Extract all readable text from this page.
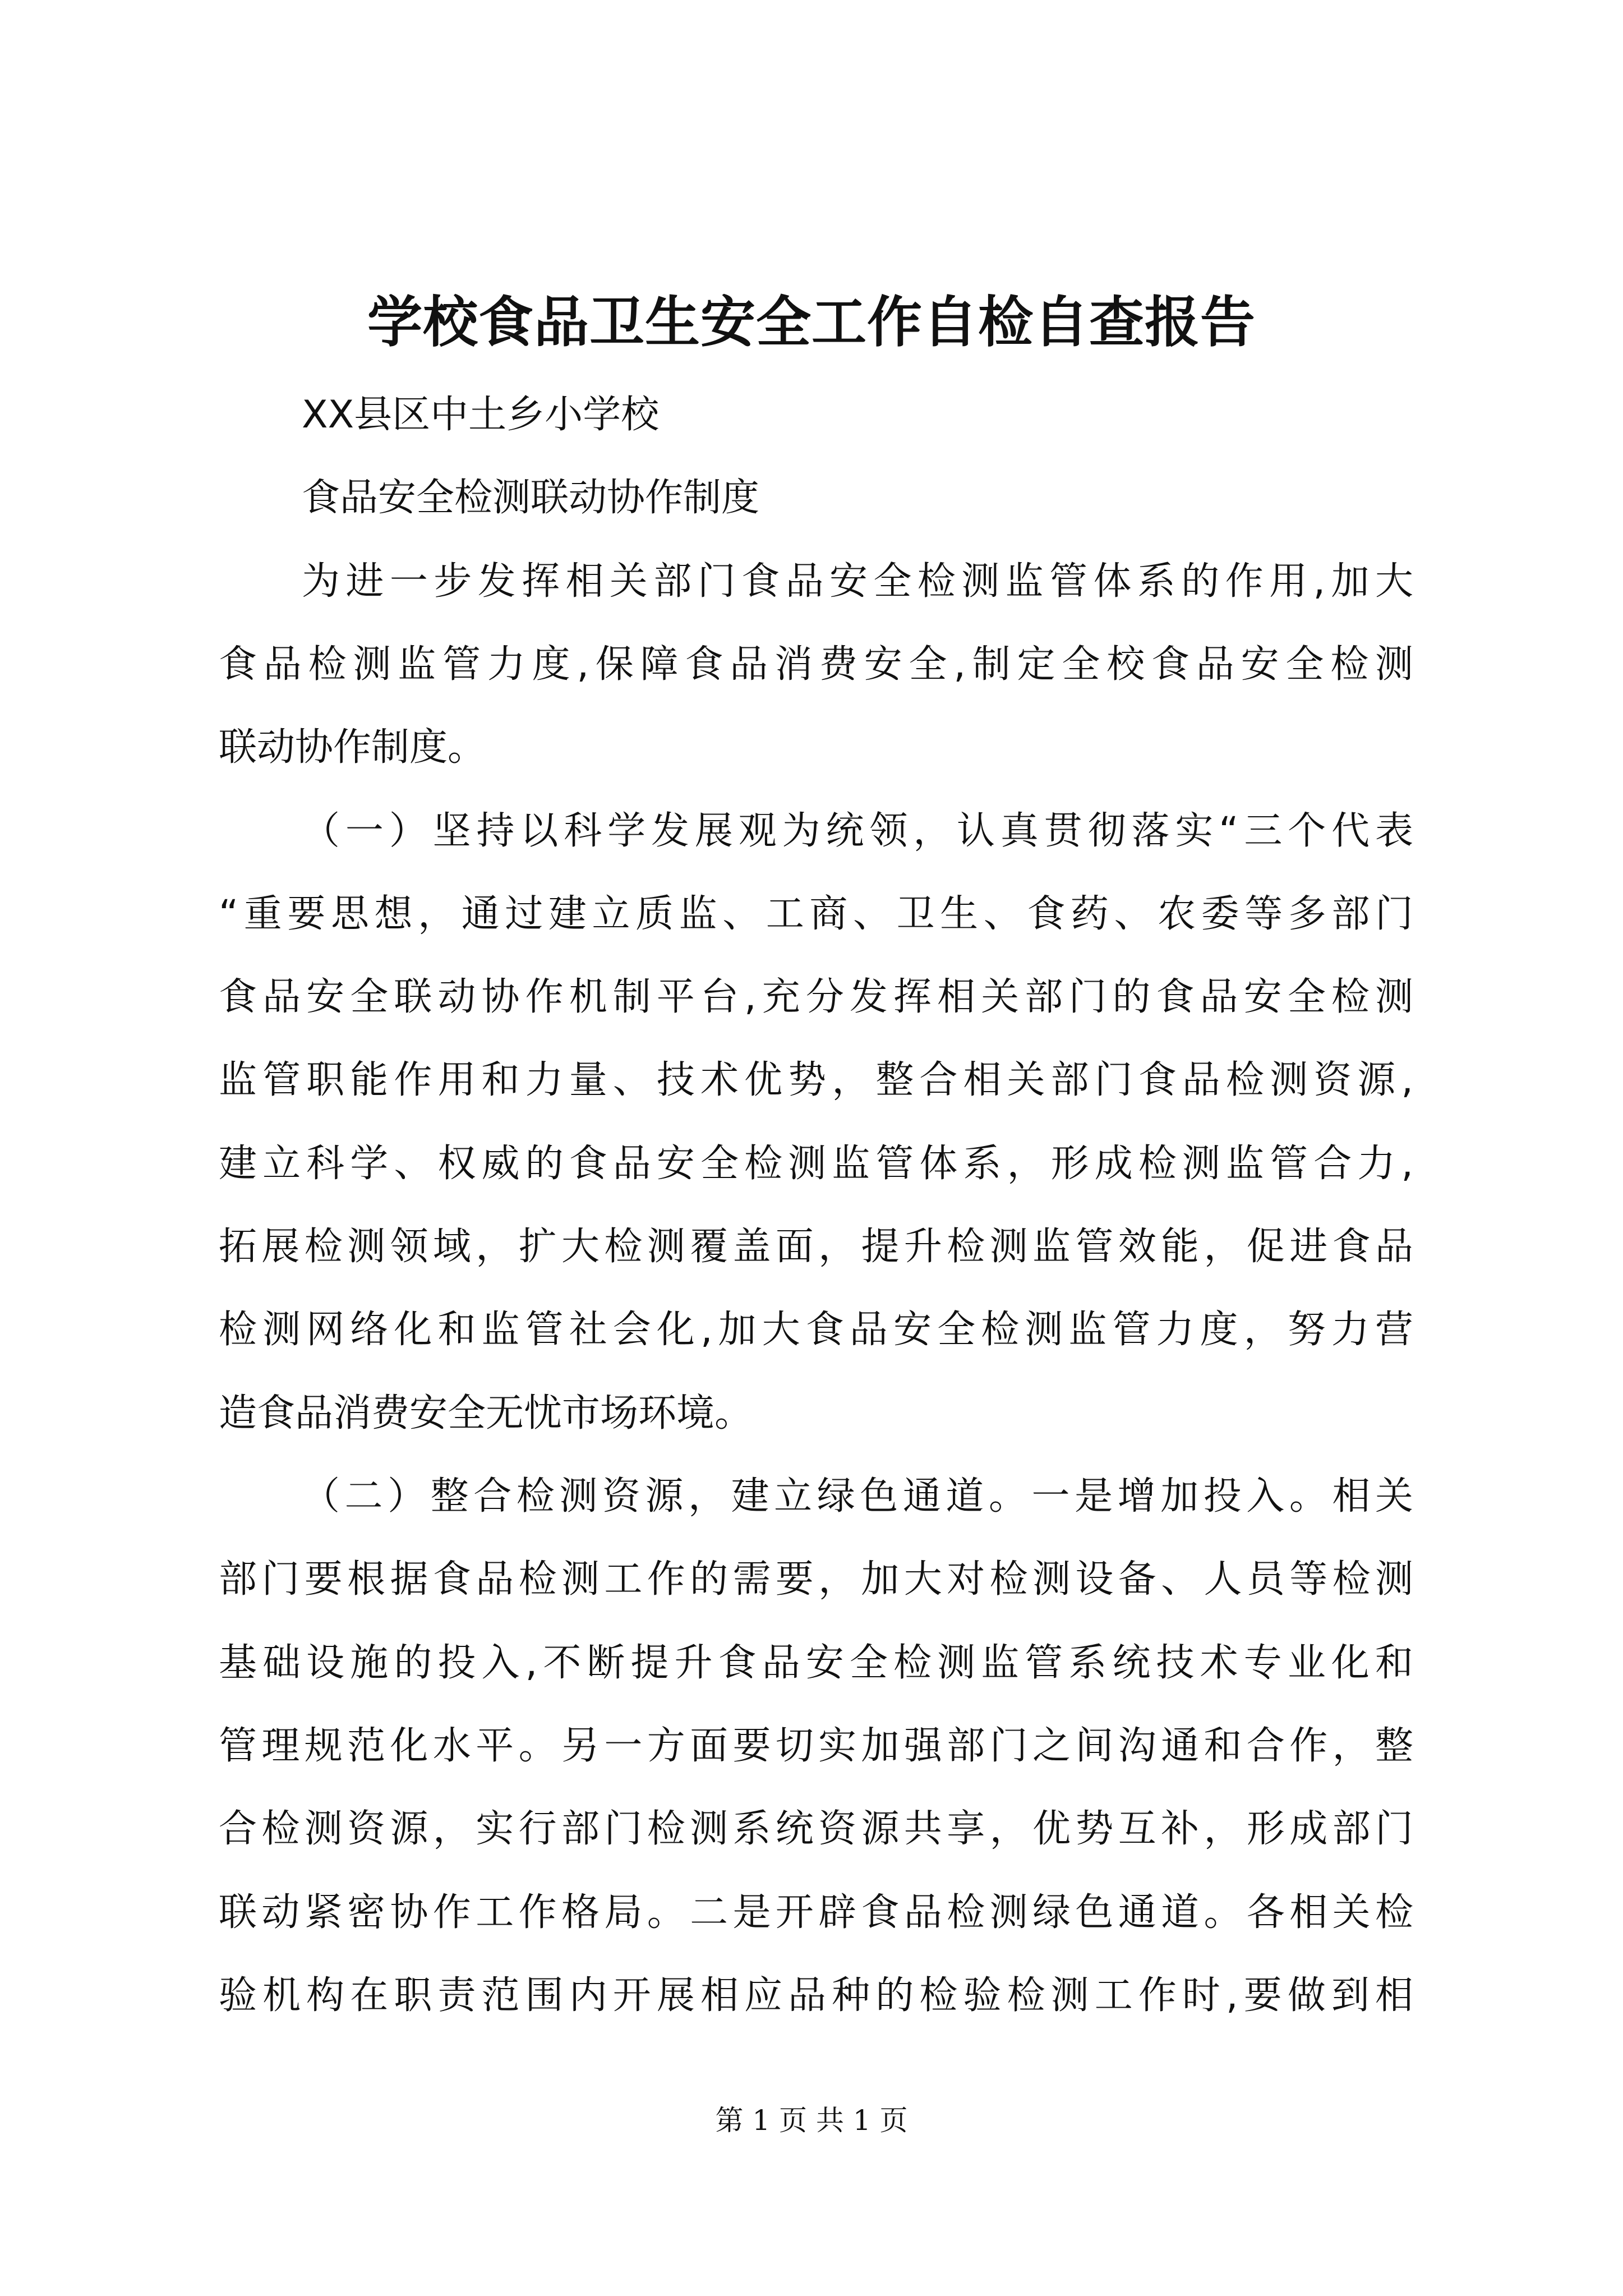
学校食品卫生安全工作自检自查报告
XX县区中土乡小学校
食品安全检测联动协作制度
为进一步发挥相关部门食品安全检测监管体系的作用,加大
食品检测监管力度,保障食品消费安全,制定全校食品安全检测
联动协作制度。
（一）坚持以科学发展观为统领，认真贯彻落实“三个代表
“重要思想，通过建立质监、工商、卫生、食药、农委等多部门
食品安全联动协作机制平台,充分发挥相关部门的食品安全检测
监管职能作用和力量、技术优势，整合相关部门食品检测资源,
建立科学、权威的食品安全检测监管体系，形成检测监管合力,
拓展检测领域，扩大检测覆盖面，提升检测监管效能，促进食品
检测网络化和监管社会化,加大食品安全检测监管力度，努力营
造食品消费安全无忧市场环境。
（二）整合检测资源，建立绿色通道。一是增加投入。相关
部门要根据食品检测工作的需要，加大对检测设备、人员等检测
基础设施的投入,不断提升食品安全检测监管系统技术专业化和
管理规范化水平。另一方面要切实加强部门之间沟通和合作，整
合检测资源，实行部门检测系统资源共享，优势互补，形成部门
联动紧密协作工作格局。二是开辟食品检测绿色通道。各相关检
验机构在职责范围内开展相应品种的检验检测工作时,要做到相
第 1 页 共 1 页
